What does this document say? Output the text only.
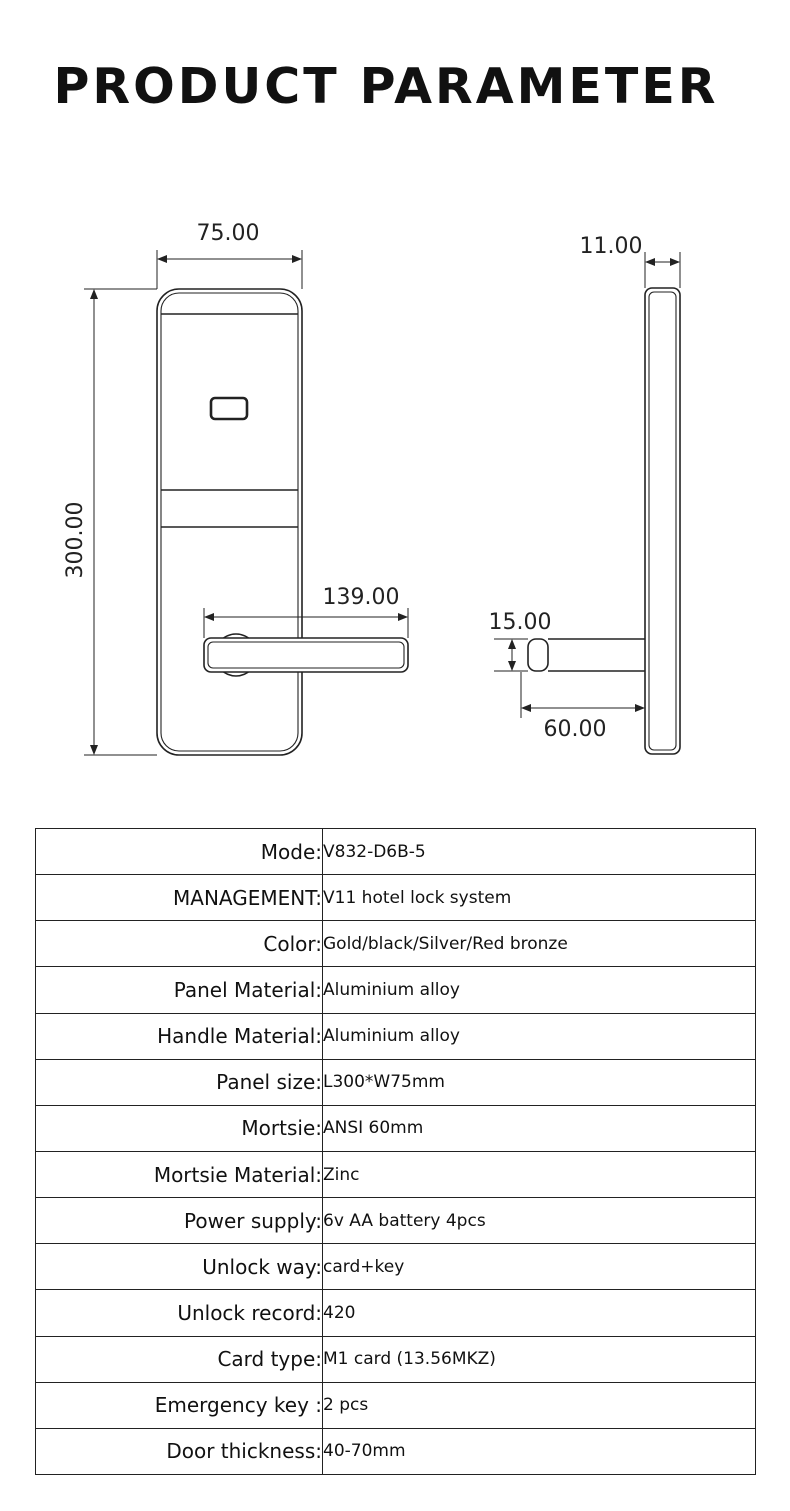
PRODUCT PARAMETER
75.00
300.00
139.00
11.00
15.00
60.00
Mode:	V832-D6B-5
MANAGEMENT:	V11 hotel lock system
Color:	Gold/black/Silver/Red bronze
Panel Material:	Aluminium alloy
Handle Material:	Aluminium alloy
Panel size:	L300*W75mm
Mortsie:	ANSI 60mm
Mortsie Material:	Zinc
Power supply:	6v AA battery 4pcs
Unlock way:	card+key
Unlock record:	420
Card type:	M1 card (13.56MKZ)
Emergency key :	2 pcs
Door thickness:	40-70mm
